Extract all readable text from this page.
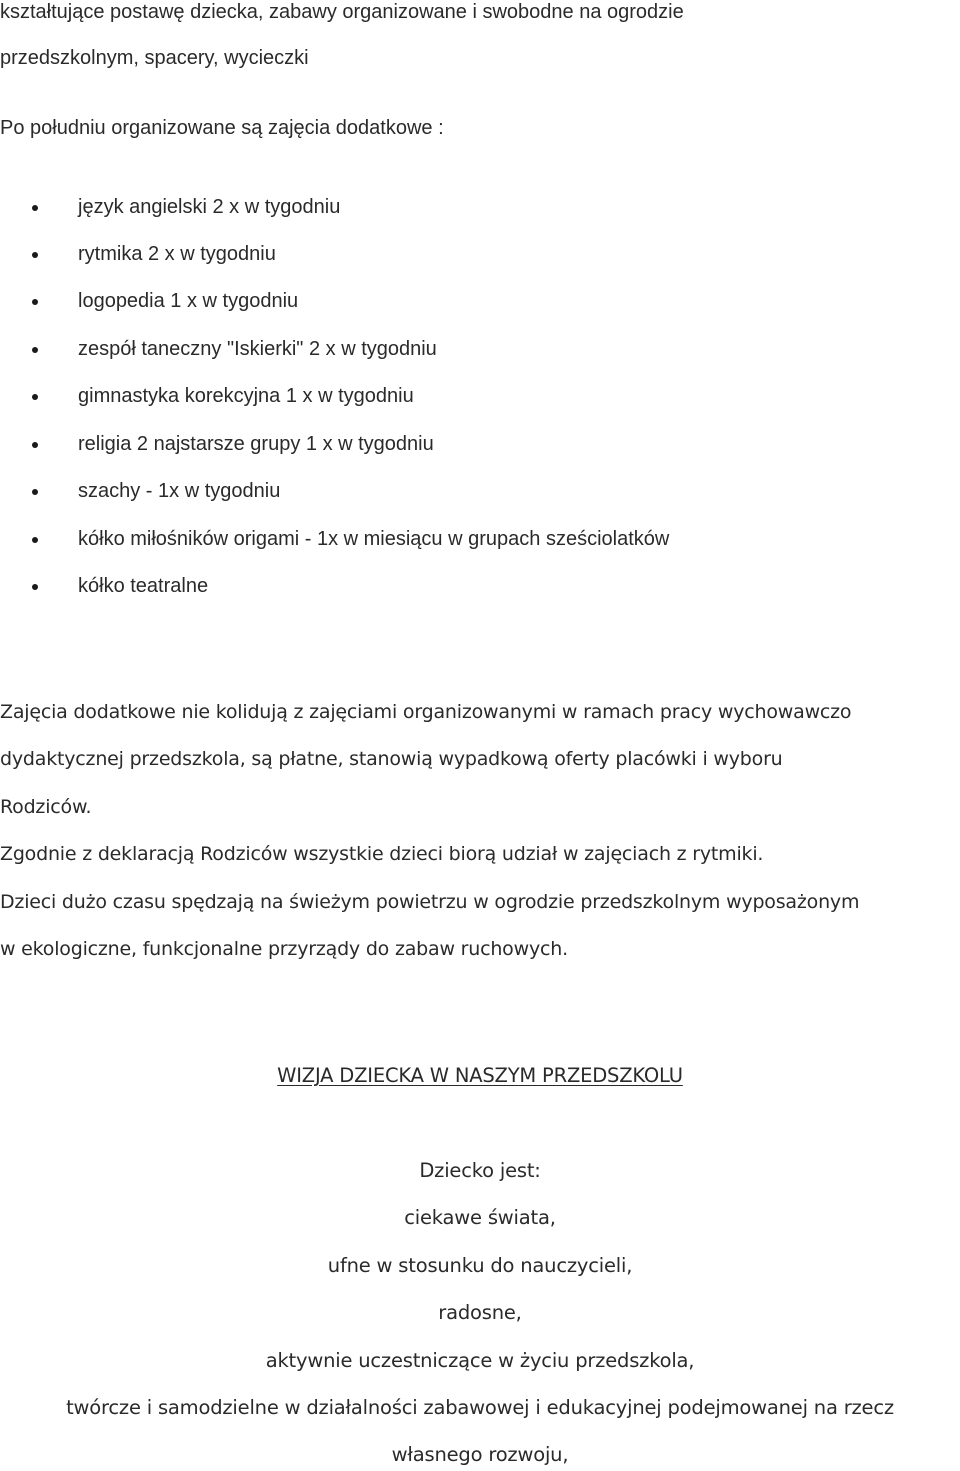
kształtujące postawę dziecka, zabawy organizowane i swobodne na ogrodzie
przedszkolnym, spacery, wycieczki
Po południu organizowane są zajęcia dodatkowe :
język angielski 2 x w tygodniu
rytmika 2 x w tygodniu
logopedia 1 x w tygodniu
zespół taneczny "Iskierki" 2 x w tygodniu
gimnastyka korekcyjna 1 x w tygodniu
religia 2 najstarsze grupy 1 x w tygodniu
szachy - 1x w tygodniu
kółko miłośników origami - 1x w miesiącu w grupach sześciolatków
kółko teatralne
Zajęcia dodatkowe nie kolidują z zajęciami organizowanymi w ramach pracy wychowawczo
dydaktycznej przedszkola, są płatne, stanowią wypadkową oferty placówki i wyboru
Rodziców.
Zgodnie z deklaracją Rodziców wszystkie dzieci biorą udział w zajęciach z rytmiki.
Dzieci dużo czasu spędzają na świeżym powietrzu w ogrodzie przedszkolnym wyposażonym
w ekologiczne, funkcjonalne przyrządy do zabaw ruchowych.
WIZJA DZIECKA W NASZYM PRZEDSZKOLU
Dziecko jest:
ciekawe świata,
ufne w stosunku do nauczycieli,
radosne,
aktywnie uczestniczące w życiu przedszkola,
twórcze i samodzielne w działalności zabawowej i edukacyjnej podejmowanej na rzecz
własnego rozwoju,
